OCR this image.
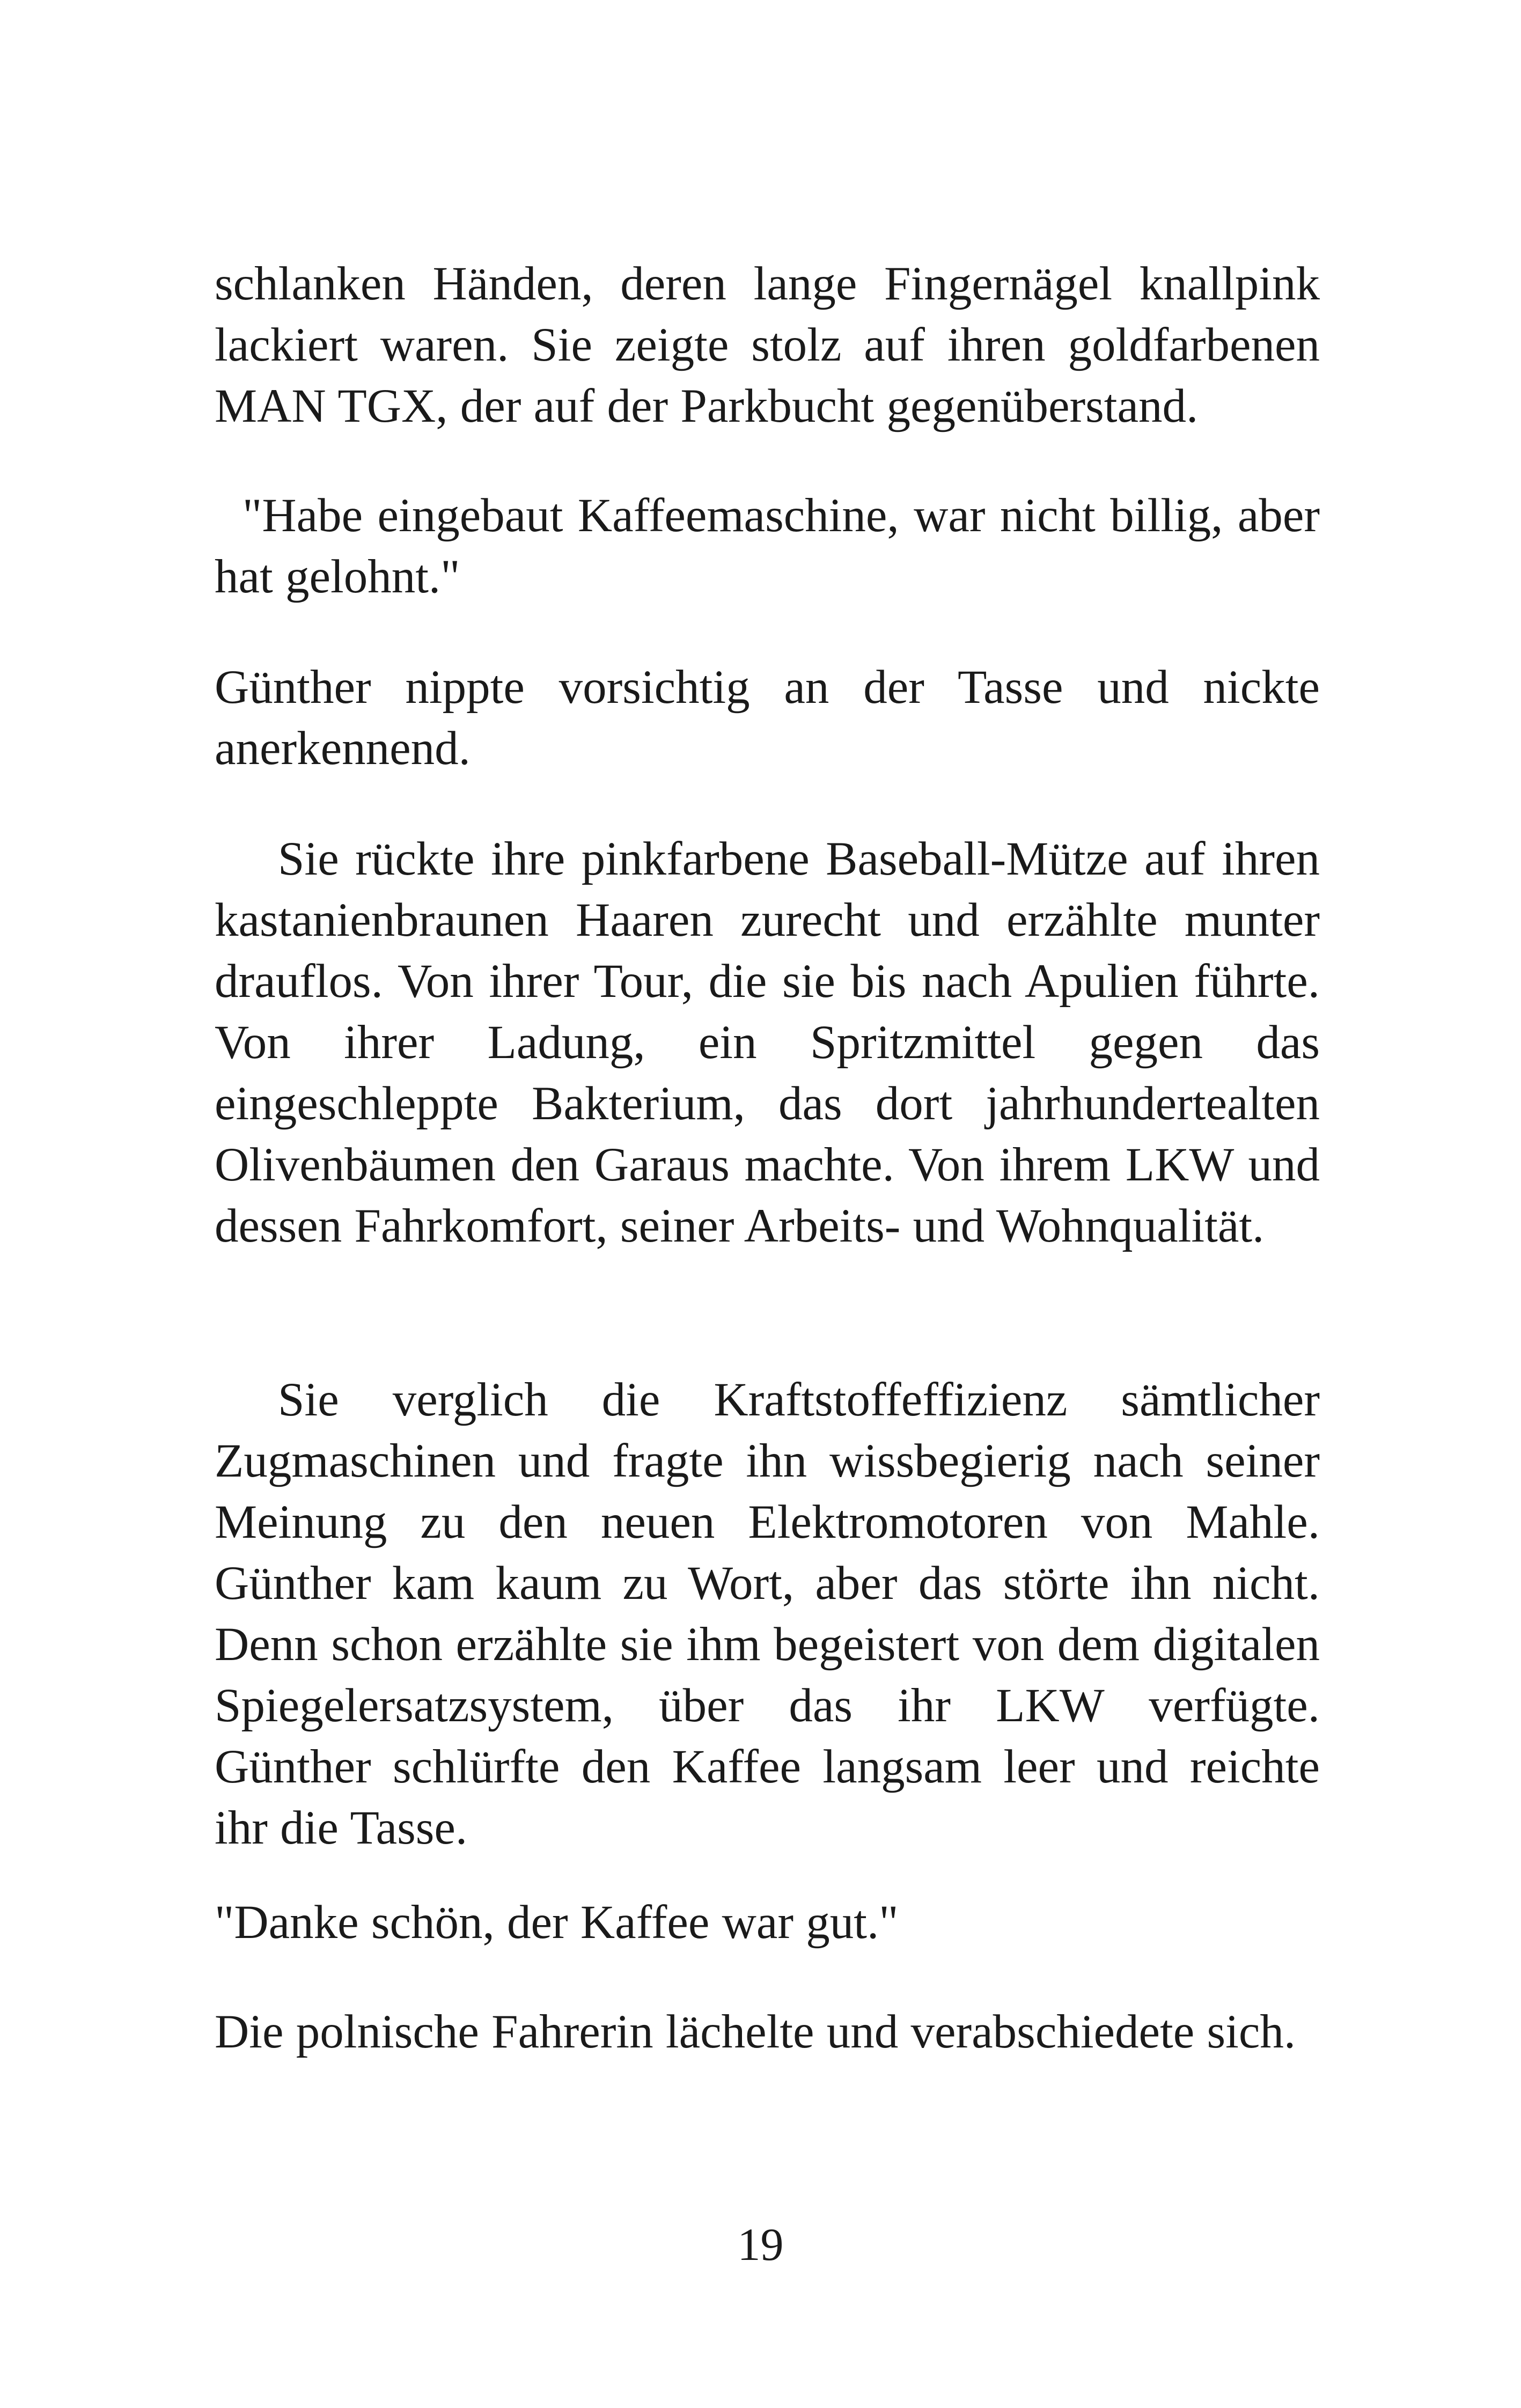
schlanken Händen, deren lange Fingernägel knallpink lackiert waren. Sie zeigte stolz auf ihren goldfarbenen MAN TGX, der auf der Parkbucht gegenüberstand.

"Habe eingebaut Kaffeemaschine, war nicht billig, aber hat gelohnt."

Günther nippte vorsichtig an der Tasse und nickte anerkennend.

Sie rückte ihre pinkfarbene Baseball-Mütze auf ihren kastanienbraunen Haaren zurecht und erzählte munter drauflos. Von ihrer Tour, die sie bis nach Apulien führte. Von ihrer Ladung, ein Spritzmittel gegen das eingeschleppte Bakterium, das dort jahrhundertealten Olivenbäumen den Garaus machte. Von ihrem LKW und dessen Fahrkomfort, seiner Arbeits- und Wohnqualität.

Sie verglich die Kraftstoffeffizienz sämtlicher Zugmaschinen und fragte ihn wissbegierig nach seiner Meinung zu den neuen Elektromotoren von Mahle. Günther kam kaum zu Wort, aber das störte ihn nicht. Denn schon erzählte sie ihm begeistert von dem digitalen Spiegelersatzsystem, über das ihr LKW verfügte. Günther schlürfte den Kaffee langsam leer und reichte ihr die Tasse.

"Danke schön, der Kaffee war gut."

Die polnische Fahrerin lächelte und verabschiedete sich.

19
